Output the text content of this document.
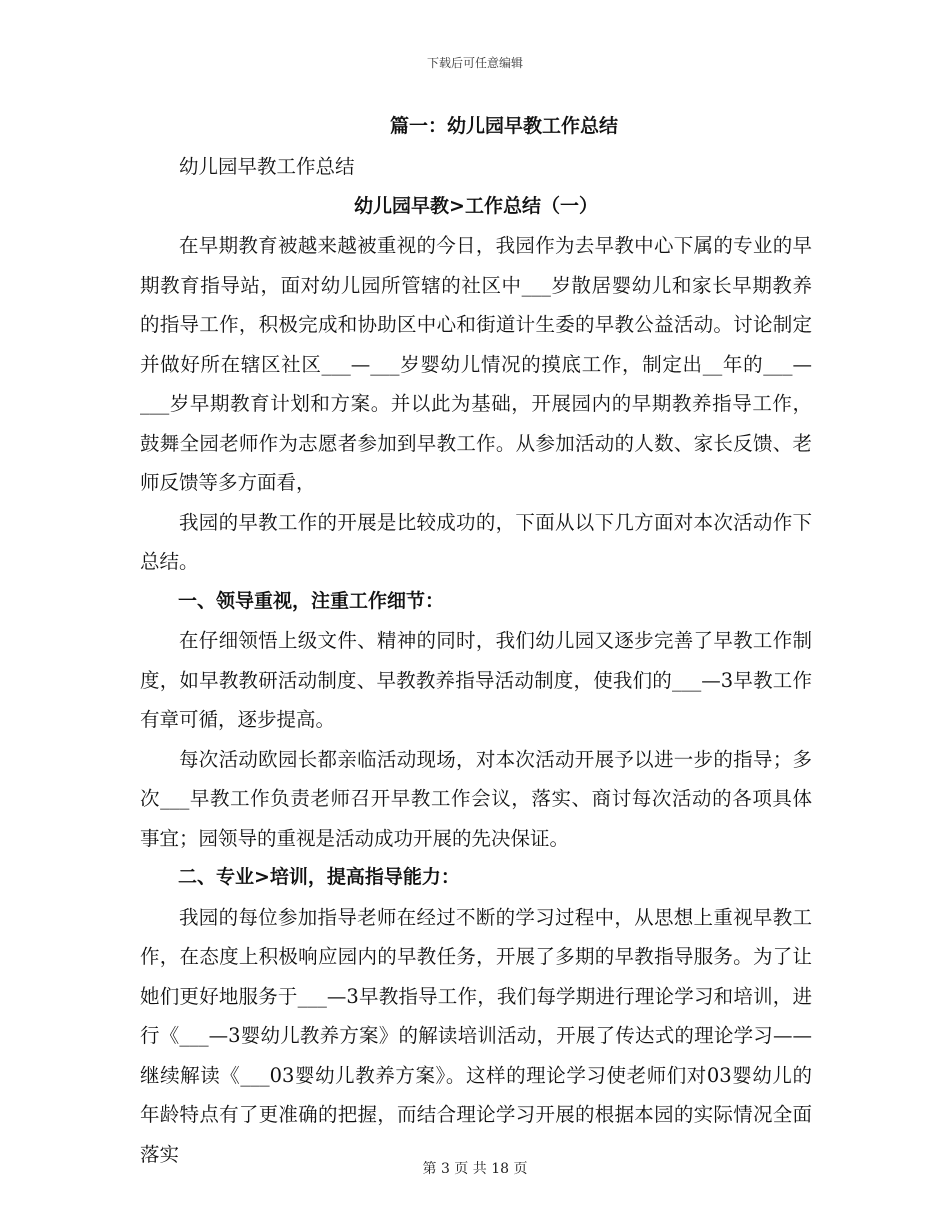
下载后可任意编辑

篇一：幼儿园早教工作总结

幼儿园早教工作总结

幼儿园早教>工作总结（一）

在早期教育被越来越被重视的今日，我园作为去早教中心下属的专业的早期教育指导站，面对幼儿园所管辖的社区中___岁散居婴幼儿和家长早期教养的指导工作，积极完成和协助区中心和街道计生委的早教公益活动。讨论制定并做好所在辖区社区___—___岁婴幼儿情况的摸底工作，制定出__年的___—___岁早期教育计划和方案。并以此为基础，开展园内的早期教养指导工作，鼓舞全园老师作为志愿者参加到早教工作。从参加活动的人数、家长反馈、老师反馈等多方面看，

我园的早教工作的开展是比较成功的，下面从以下几方面对本次活动作下总结。

一、领导重视，注重工作细节：

在仔细领悟上级文件、精神的同时，我们幼儿园又逐步完善了早教工作制度，如早教教研活动制度、早教教养指导活动制度，使我们的___—3早教工作有章可循，逐步提高。

每次活动欧园长都亲临活动现场，对本次活动开展予以进一步的指导；多次___早教工作负责老师召开早教工作会议，落实、商讨每次活动的各项具体事宜；园领导的重视是活动成功开展的先决保证。

二、专业>培训，提高指导能力：

我园的每位参加指导老师在经过不断的学习过程中，从思想上重视早教工作，在态度上积极响应园内的早教任务，开展了多期的早教指导服务。为了让她们更好地服务于___—3早教指导工作，我们每学期进行理论学习和培训，进行《___—3婴幼儿教养方案》的解读培训活动，开展了传达式的理论学习——继续解读《___03婴幼儿教养方案》。这样的理论学习使老师们对03婴幼儿的年龄特点有了更准确的把握，而结合理论学习开展的根据本园的实际情况全面落实

第 3 页 共 18 页
